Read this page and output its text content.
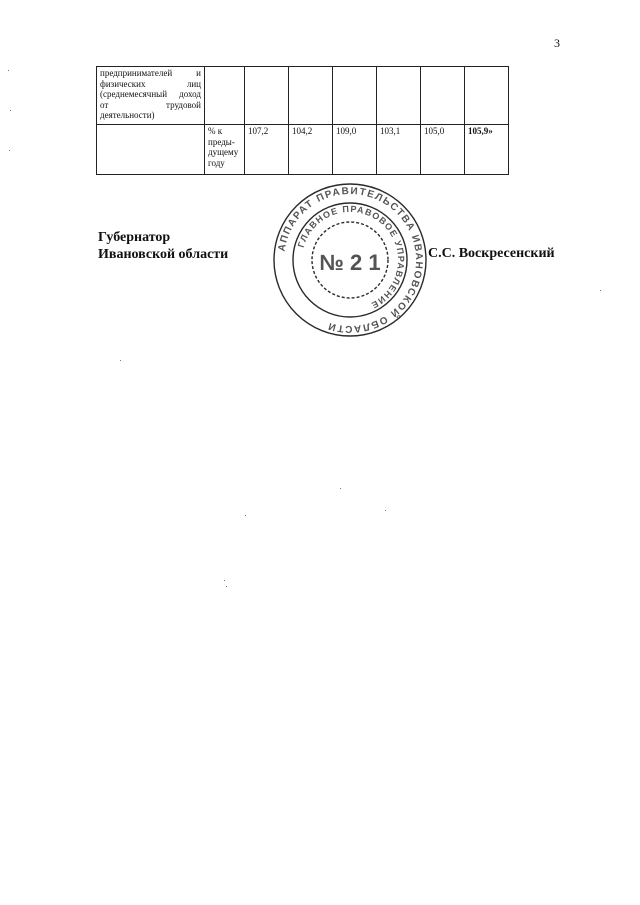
3
предпринимателей и физических лиц (среднемесячный доход от трудовой деятельности)							

	% к преды-дущему году	107,2	104,2	109,0	103,1	105,0	105,9»
АППАРАТ ПРАВИТЕЛЬСТВА ИВАНОВСКОЙ ОБЛАСТИ
ГЛАВНОЕ ПРАВОВОЕ УПРАВЛЕНИЕ
№ 2 1
Губернатор
Ивановской области	С.С. Воскресенский
